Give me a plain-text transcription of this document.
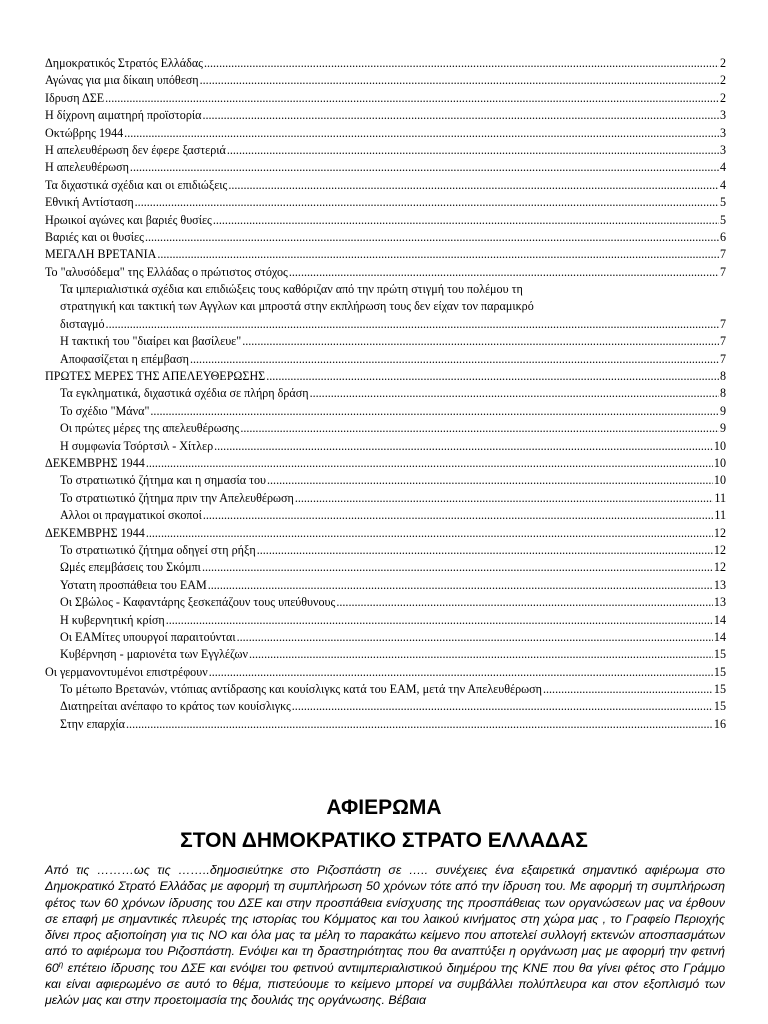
Δημοκρατικός Στρατός Ελλάδας .....	2
Αγώνας για μια δίκαιη υπόθεση .....	2
Ιδρυση ΔΣΕ .....	2
Η δίχρονη αιματηρή προϊστορία .....	3
Οκτώβρης 1944 .....	3
Η απελευθέρωση δεν έφερε ξαστεριά .....	3
Η απελευθέρωση .....	4
Τα διχαστικά σχέδια και οι επιδιώξεις .....	4
Εθνική Αντίσταση .....	5
Ηρωικοί αγώνες και βαριές θυσίες .....	5
Βαριές και οι θυσίες .....	6
ΜΕΓΑΛΗ ΒΡΕΤΑΝΙΑ .....	7
Το "αλυσόδεμα" της Ελλάδας ο πρώτιστος στόχος .....	7
Τα ιμπεριαλιστικά σχέδια και επιδιώξεις τους καθόριζαν από την πρώτη στιγμή του πολέμου τη
στρατηγική και τακτική των Αγγλων και μπροστά στην εκπλήρωση τους δεν είχαν τον παραμικρό
δισταγμό .....	7
Η τακτική του "διαίρει και βασίλευε" .....	7
Αποφασίζεται η επέμβαση .....	7
ΠΡΩΤΕΣ ΜΕΡΕΣ ΤΗΣ ΑΠΕΛΕΥΘΕΡΩΣΗΣ .....	8
Τα εγκληματικά, διχαστικά σχέδια σε πλήρη δράση .....	8
Το σχέδιο "Μάνα" .....	9
Οι πρώτες μέρες της απελευθέρωσης .....	9
Η συμφωνία Τσόρτσιλ - Χίτλερ .....	10
ΔΕΚΕΜΒΡΗΣ 1944 .....	10
Το στρατιωτικό ζήτημα και η σημασία του .....	10
Το στρατιωτικό ζήτημα πριν την Απελευθέρωση .....	11
Αλλοι οι πραγματικοί σκοποί .....	11
ΔΕΚΕΜΒΡΗΣ 1944 .....	12
Το στρατιωτικό ζήτημα οδηγεί στη ρήξη .....	12
Ωμές επεμβάσεις του Σκόμπι .....	12
Υστατη προσπάθεια του ΕΑΜ .....	13
Οι Σβώλος - Καφαντάρης ξεσκεπάζουν τους υπεύθυνους .....	13
Η κυβερνητική κρίση .....	14
Οι ΕΑΜίτες υπουργοί παραιτούνται .....	14
Κυβέρνηση - μαριονέτα των Εγγλέζων .....	15
Οι γερμανοντυμένοι επιστρέφουν .....	15
Το μέτωπο Βρετανών, ντόπιας αντίδρασης και κουίσλιγκς κατά του ΕΑΜ, μετά την Απελευθέρωση .....	15
Διατηρείται ανέπαφο το κράτος των κουίσλιγκς .....	15
Στην επαρχία .....	16
ΑΦΙΕΡΩΜΑ
ΣΤΟΝ ΔΗΜΟΚΡΑΤΙΚΟ ΣΤΡΑΤΟ ΕΛΛΑΔΑΣ
Από τις ………ως τις ……..δημοσιεύτηκε στο Ριζοσπάστη σε ….. συνέχειες ένα εξαιρετικά σημαντικό αφιέρωμα στο Δημοκρατικό Στρατό Ελλάδας με αφορμή τη συμπλήρωση 50 χρόνων τότε από την ίδρυση του. Με αφορμή τη συμπλήρωση φέτος των 60 χρόνων ίδρυσης του ΔΣΕ και στην προσπάθεια ενίσχυσης της προσπάθειας των οργανώσεων μας να έρθουν σε επαφή με σημαντικές πλευρές της ιστορίας του Κόμματος και του λαικού κινήματος στη χώρα μας , το Γραφείο Περιοχής δίνει προς αξιοποίηση για τις ΝΟ και όλα μας τα μέλη το παρακάτω κείμενο που αποτελεί συλλογή εκτενών αποσπασμάτων από το αφιέρωμα του Ριζοσπάστη. Ενόψει και τη δραστηριότητας που θα αναπτύξει η οργάνωση μας με αφορμή την φετινή $60^\eta$ επέτειο ίδρυσης του ΔΣΕ και ενόψει του φετινού αντιιμπεριαλιστικού διημέρου της ΚΝΕ που θα γίνει φέτος στο Γράμμο και είναι αφιερωμένο σε αυτό το θέμα, πιστεύουμε το κείμενο μπορεί να συμβάλλει πολύπλευρα και στον εξοπλισμό των μελών μας και στην προετοιμασία της δουλιάς της οργάνωσης. Βέβαια
